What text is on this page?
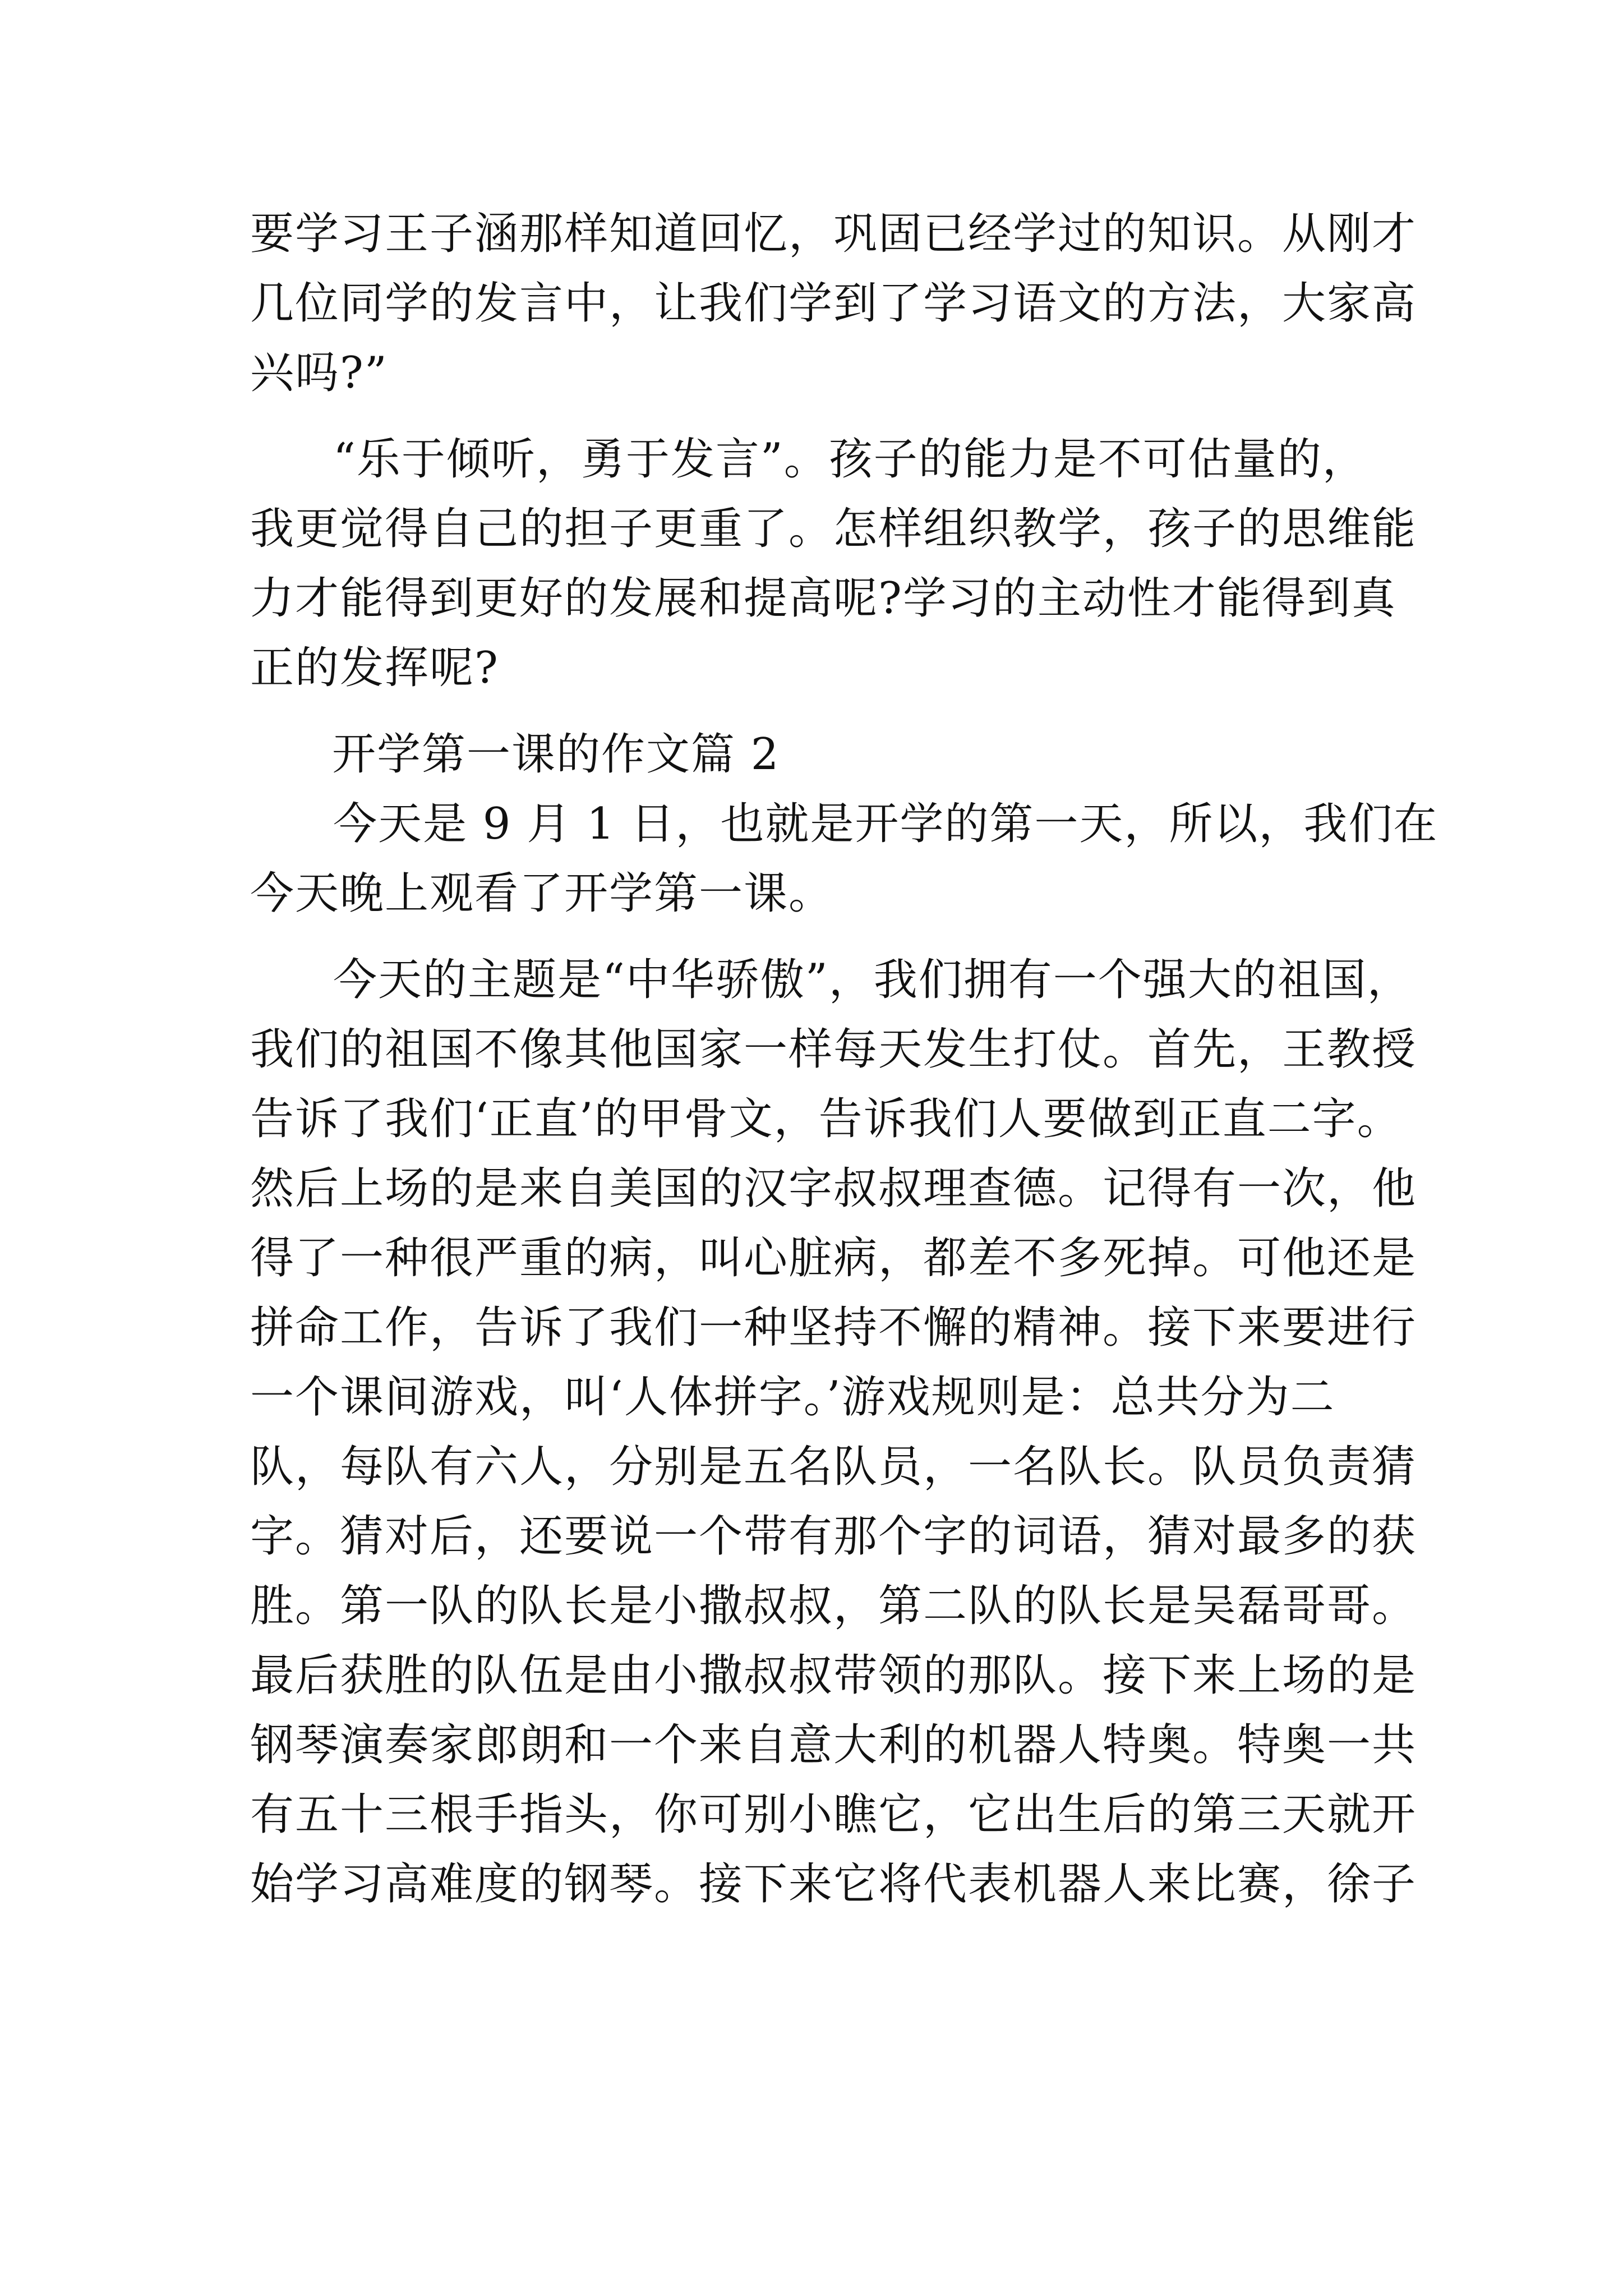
要学习王子涵那样知道回忆，巩固已经学过的知识。从刚才
几位同学的发言中，让我们学到了学习语文的方法，大家高
兴吗?”
“乐于倾听，勇于发言”。孩子的能力是不可估量的，
我更觉得自己的担子更重了。怎样组织教学，孩子的思维能
力才能得到更好的发展和提高呢?学习的主动性才能得到真
正的发挥呢?
开学第一课的作文篇 2
今天是 9 月 1 日，也就是开学的第一天，所以，我们在
今天晚上观看了开学第一课。
今天的主题是“中华骄傲”，我们拥有一个强大的祖国，
我们的祖国不像其他国家一样每天发生打仗。首先，王教授
告诉了我们‘正直’的甲骨文，告诉我们人要做到正直二字。
然后上场的是来自美国的汉字叔叔理查德。记得有一次，他
得了一种很严重的病，叫心脏病，都差不多死掉。可他还是
拼命工作，告诉了我们一种坚持不懈的精神。接下来要进行
一个课间游戏，叫‘人体拼字。’游戏规则是：总共分为二
队，每队有六人，分别是五名队员，一名队长。队员负责猜
字。猜对后，还要说一个带有那个字的词语，猜对最多的获
胜。第一队的队长是小撒叔叔，第二队的队长是吴磊哥哥。
最后获胜的队伍是由小撒叔叔带领的那队。接下来上场的是
钢琴演奏家郎朗和一个来自意大利的机器人特奥。特奥一共
有五十三根手指头，你可别小瞧它，它出生后的第三天就开
始学习高难度的钢琴。接下来它将代表机器人来比赛，徐子
